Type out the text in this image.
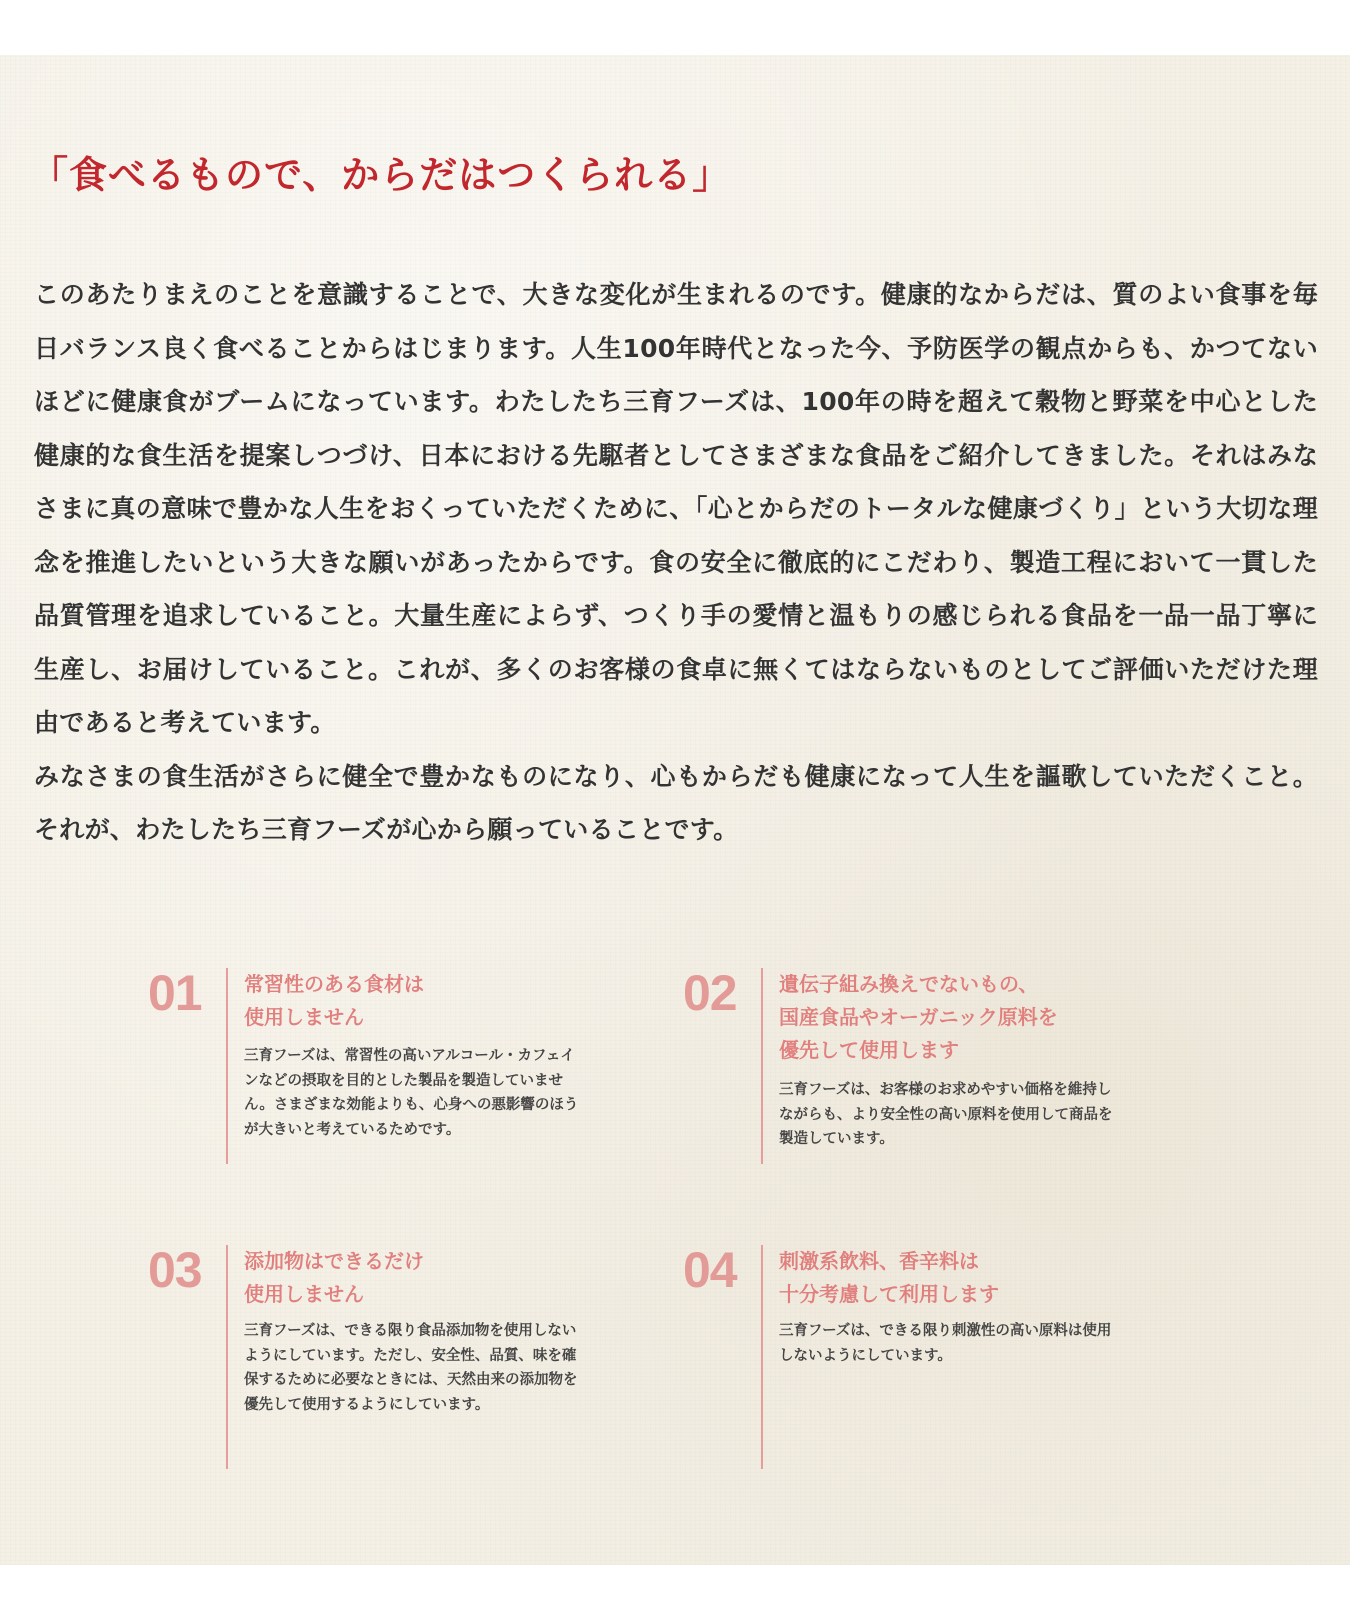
「食べるもので、からだはつくられる」

このあたりまえのことを意識することで、大きな変化が生まれるのです。健康的なからだは、質のよい食事を毎日バランス良く食べることからはじまります。人生100年時代となった今、予防医学の観点からも、かつてないほどに健康食がブームになっています。わたしたち三育フーズは、100年の時を超えて穀物と野菜を中心とした健康的な食生活を提案しつづけ、日本における先駆者としてさまざまな食品をご紹介してきました。それはみなさまに真の意味で豊かな人生をおくっていただくために、「心とからだのトータルな健康づくり」という大切な理念を推進したいという大きな願いがあったからです。食の安全に徹底的にこだわり、製造工程において一貫した品質管理を追求していること。大量生産によらず、つくり手の愛情と温もりの感じられる食品を一品一品丁寧に生産し、お届けしていること。これが、多くのお客様の食卓に無くてはならないものとしてご評価いただけた理由であると考えています。
みなさまの食生活がさらに健全で豊かなものになり、心もからだも健康になって人生を謳歌していただくこと。それが、わたしたち三育フーズが心から願っていることです。

01 常習性のある食材は
使用しません

三育フーズは、常習性の高いアルコール・カフェインなどの摂取を目的とした製品を製造していません。さまざまな効能よりも、心身への悪影響のほうが大きいと考えているためです。

02 遺伝子組み換えでないもの、
国産食品やオーガニック原料を
優先して使用します

三育フーズは、お客様のお求めやすい価格を維持しながらも、より安全性の高い原料を使用して商品を製造しています。

03 添加物はできるだけ
使用しません

三育フーズは、できる限り食品添加物を使用しないようにしています。ただし、安全性、品質、味を確保するために必要なときには、天然由来の添加物を優先して使用するようにしています。

04 刺激系飲料、香辛料は
十分考慮して利用します

三育フーズは、できる限り刺激性の高い原料は使用しないようにしています。
